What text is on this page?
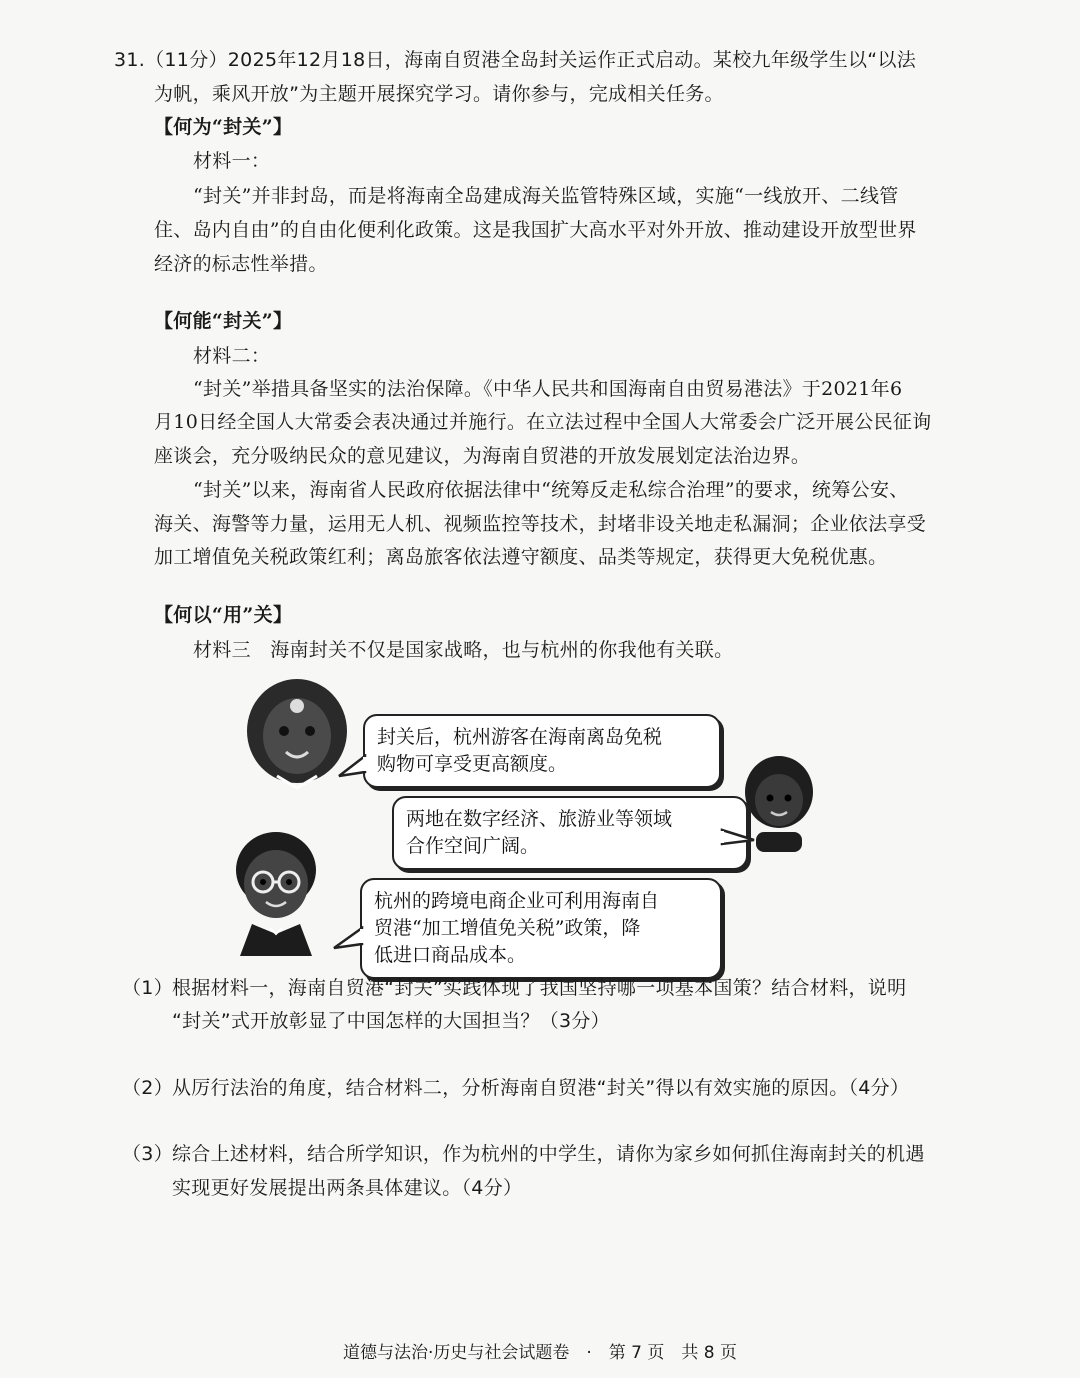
31.（11分）2025年12月18日，海南自贸港全岛封关运作正式启动。某校九年级学生以“以法
为帆，乘风开放”为主题开展探究学习。请你参与，完成相关任务。
【何为“封关”】
材料一：
“封关”并非封岛，而是将海南全岛建成海关监管特殊区域，实施“一线放开、二线管
住、岛内自由”的自由化便利化政策。这是我国扩大高水平对外开放、推动建设开放型世界
经济的标志性举措。
【何能“封关”】
材料二：
“封关”举措具备坚实的法治保障。《中华人民共和国海南自由贸易港法》于2021年6
月10日经全国人大常委会表决通过并施行。在立法过程中全国人大常委会广泛开展公民征询
座谈会，充分吸纳民众的意见建议，为海南自贸港的开放发展划定法治边界。
“封关”以来，海南省人民政府依据法律中“统筹反走私综合治理”的要求，统筹公安、
海关、海警等力量，运用无人机、视频监控等技术，封堵非设关地走私漏洞；企业依法享受
加工增值免关税政策红利；离岛旅客依法遵守额度、品类等规定，获得更大免税优惠。
【何以“用”关】
材料三　海南封关不仅是国家战略，也与杭州的你我他有关联。
封关后，杭州游客在海南离岛免税
购物可享受更高额度。
两地在数字经济、旅游业等领域
合作空间广阔。
杭州的跨境电商企业可利用海南自
贸港“加工增值免关税”政策，降
低进口商品成本。
（1） 根据材料一，海南自贸港“封关”实践体现了我国坚持哪一项基本国策？结合材料，说明
“封关”式开放彰显了中国怎样的大国担当？（3分）
（2） 从厉行法治的角度，结合材料二，分析海南自贸港“封关”得以有效实施的原因。（4分）
（3） 综合上述材料，结合所学知识，作为杭州的中学生，请你为家乡如何抓住海南封关的机遇
实现更好发展提出两条具体建议。（4分）
道德与法治·历史与社会试题卷　·　第 7 页　共 8 页
